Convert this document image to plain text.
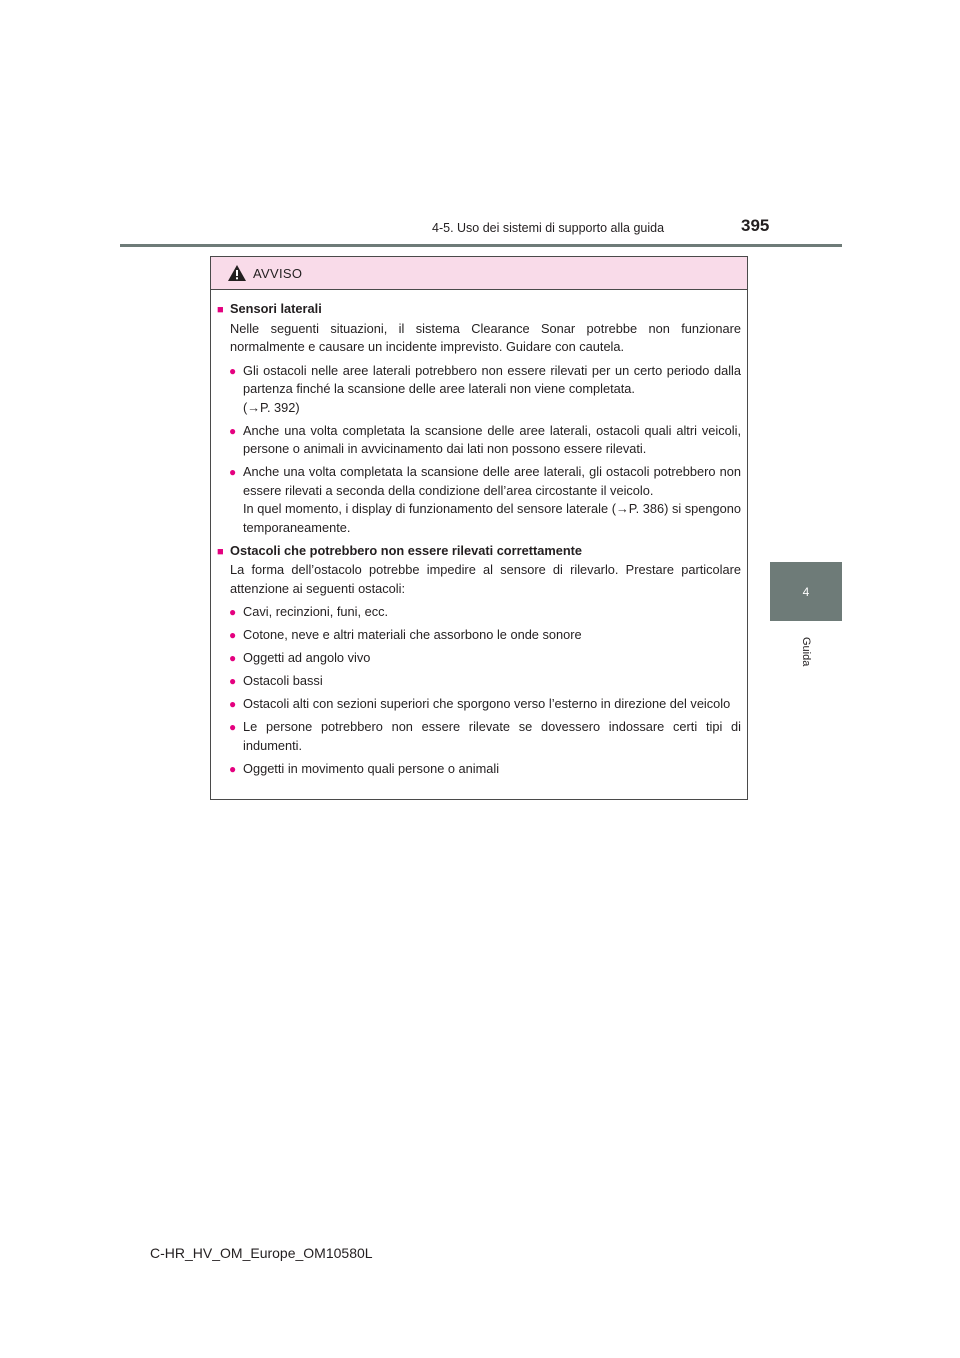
4-5. Uso dei sistemi di supporto alla guida	395
4
Guida
AVVISO
■ Sensori laterali
Nelle seguenti situazioni, il sistema Clearance Sonar potrebbe non funzionare normalmente e causare un incidente imprevisto. Guidare con cautela.
● Gli ostacoli nelle aree laterali potrebbero non essere rilevati per un certo periodo dalla partenza finché la scansione delle aree laterali non viene completata.
(→P. 392)
● Anche una volta completata la scansione delle aree laterali, ostacoli quali altri veicoli, persone o animali in avvicinamento dai lati non possono essere rilevati.
● Anche una volta completata la scansione delle aree laterali, gli ostacoli potrebbero non essere rilevati a seconda della condizione dell’area circostante il veicolo.
In quel momento, i display di funzionamento del sensore laterale (→P. 386) si spengono temporaneamente.
■ Ostacoli che potrebbero non essere rilevati correttamente
La forma dell’ostacolo potrebbe impedire al sensore di rilevarlo. Prestare particolare attenzione ai seguenti ostacoli:
● Cavi, recinzioni, funi, ecc.
● Cotone, neve e altri materiali che assorbono le onde sonore
● Oggetti ad angolo vivo
● Ostacoli bassi
● Ostacoli alti con sezioni superiori che sporgono verso l’esterno in direzione del veicolo
● Le persone potrebbero non essere rilevate se dovessero indossare certi tipi di indumenti.
● Oggetti in movimento quali persone o animali
C-HR_HV_OM_Europe_OM10580L
